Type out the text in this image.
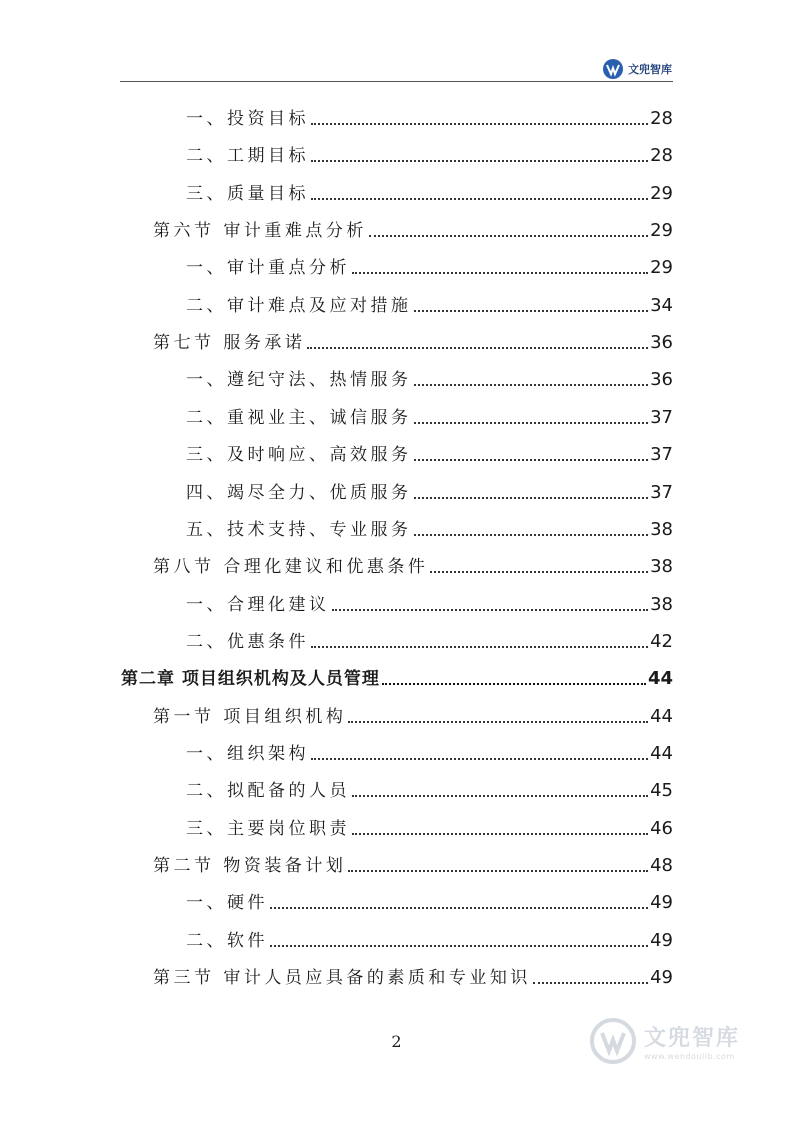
文兜智库
一、投资目标	28
二、工期目标	28
三、质量目标	29
第六节 审计重难点分析	29
一、审计重点分析	29
二、审计难点及应对措施	34
第七节 服务承诺	36
一、遵纪守法、热情服务	36
二、重视业主、诚信服务	37
三、及时响应、高效服务	37
四、竭尽全力、优质服务	37
五、技术支持、专业服务	38
第八节 合理化建议和优惠条件	38
一、合理化建议	38
二、优惠条件	42
第二章 项目组织机构及人员管理	44
第一节 项目组织机构	44
一、组织架构	44
二、拟配备的人员	45
三、主要岗位职责	46
第二节 物资装备计划	48
一、硬件	49
二、软件	49
第三节 审计人员应具备的素质和专业知识	49
2	文兜智库
www.wendoulib.com
